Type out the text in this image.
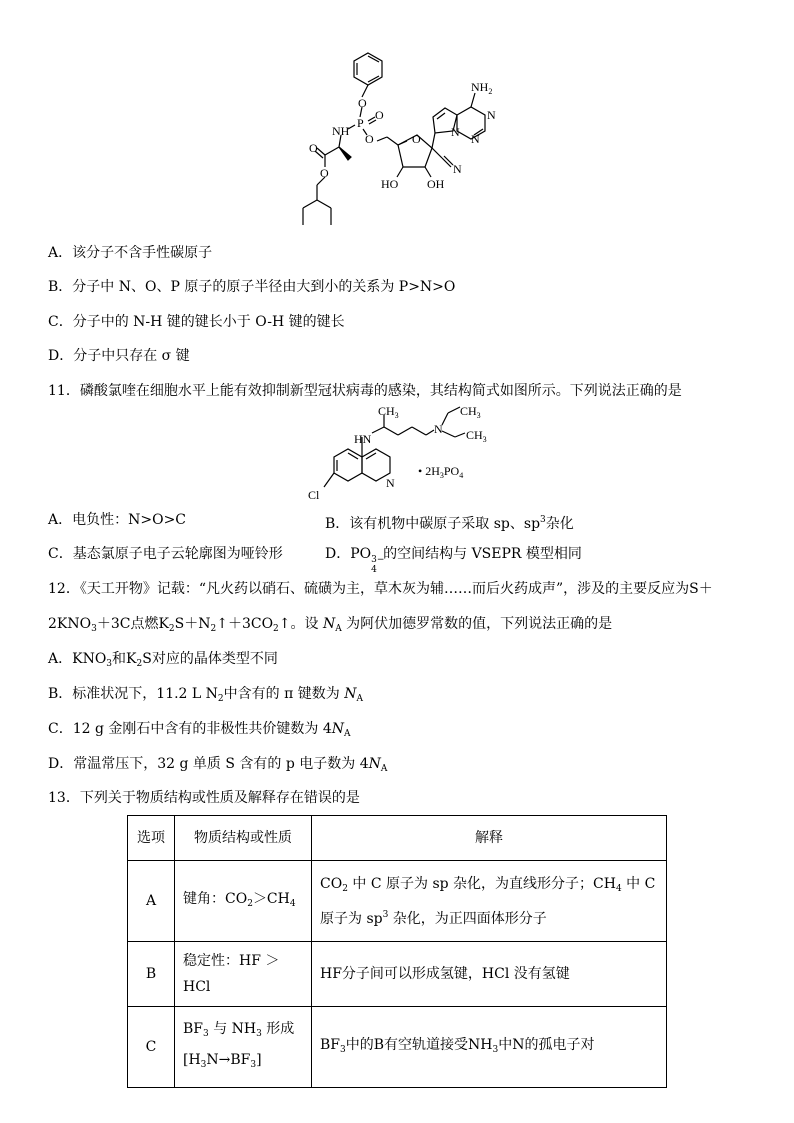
O
P
O
NH
O
O
O
O
HO OH
N
N
N
N
$NH_2$
A．该分子不含手性碳原子
B．分子中 N、O、P 原子的原子半径由大到小的关系为 P>N>O
C．分子中的 N-H 键的键长小于 O-H 键的键长
D．分子中只存在 σ 键
11．磷酸氯喹在细胞水平上能有效抑制新型冠状病毒的感染，其结构简式如图所示。下列说法正确的是
HN
$CH_3$
N
$CH_3$
$CH_3$
N
Cl
• $2H_3PO_4$
A．电负性：N>O>C	B．该有机物中碳原子采取 sp、$sp^3$杂化
C．基态氯原子电子云轮廓图为哑铃形	D．PO 3−
4
的空间结构与 VSEPR 模型相同
12．《天工开物》记载：“凡火药以硝石、硫磺为主，草木灰为辅……而后火药成声”，涉及的主要反应为S＋
$2KNO_3+3C$点燃$K_2S+N_2↑+3CO_2↑$。设 $N_A$ 为阿伏加德罗常数的值，下列说法正确的是
A．$KNO_3$和$K_2S$对应的晶体类型不同
B．标准状况下，11.2 L $N_2$中含有的 π 键数为 $N_A$
C．12 g 金刚石中含有的非极性共价键数为 $4N_A$
D．常温常压下，32 g 单质 S 含有的 p 电子数为 $4N_A$
13．下列关于物质结构或性质及解释存在错误的是
选项	物质结构或性质	解释
A	键角：$CO_2>CH_4$	$CO_2$ 中 C 原子为 sp 杂化，为直线形分子；$CH_4$ 中 C
原子为 $sp^3$ 杂化，为正四面体形分子

B	稳定性：HF ＞HCl	HF分子间可以形成氢键，HCl 没有氢键
C	$BF_3$ 与 $NH_3$ 形成
$[H_3N\to BF_3]$	$BF_3$中的B有空轨道接受$NH_3$中N的孤电子对
